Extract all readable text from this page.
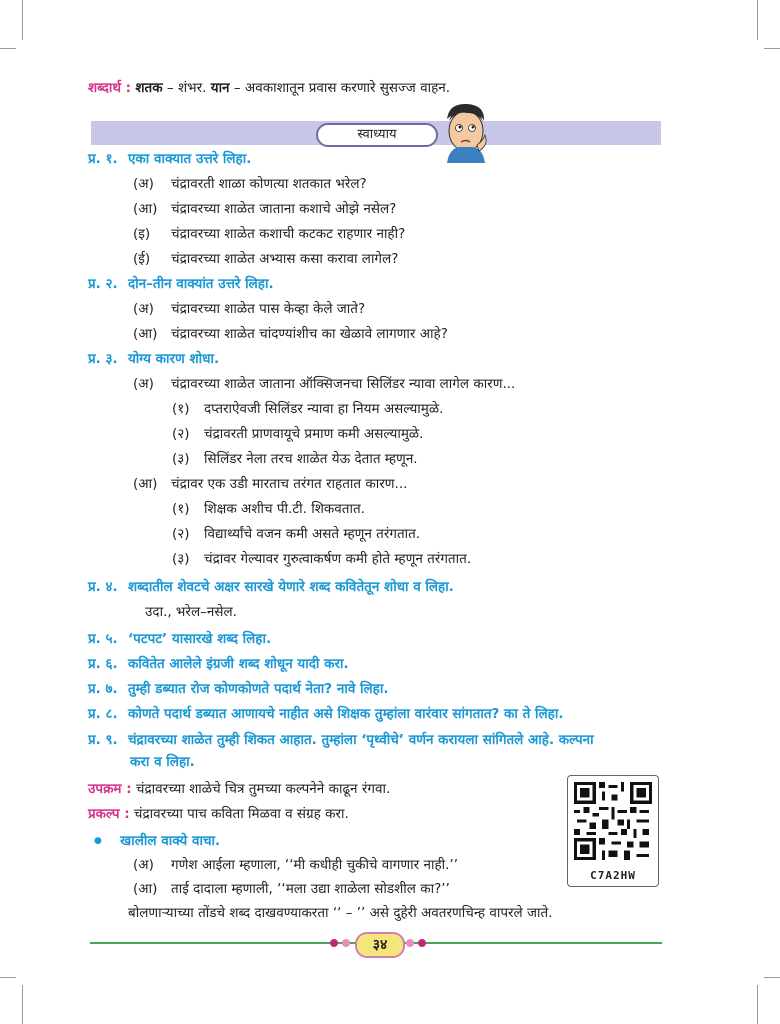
शब्दार्थ : शतक – शंभर. यान – अवकाशातून प्रवास करणारे सुसज्ज वाहन.
स्वाध्याय
प्र. १. एका वाक्यात उत्तरे लिहा.
(अ) चंद्रावरती शाळा कोणत्या शतकात भरेल?
(आ) चंद्रावरच्या शाळेत जाताना कशाचे ओझे नसेल?
(इ) चंद्रावरच्या शाळेत कशाची कटकट राहणार नाही?
(ई) चंद्रावरच्या शाळेत अभ्यास कसा करावा लागेल?
प्र. २. दोन–तीन वाक्यांत उत्तरे लिहा.
(अ) चंद्रावरच्या शाळेत पास केव्हा केले जाते?
(आ) चंद्रावरच्या शाळेत चांदण्यांशीच का खेळावे लागणार आहे?
प्र. ३. योग्य कारण शोधा.
(अ) चंद्रावरच्या शाळेत जाताना ऑक्सिजनचा सिलिंडर न्यावा लागेल कारण...
(१) दप्तराऐवजी सिलिंडर न्यावा हा नियम असल्यामुळे.
(२) चंद्रावरती प्राणवायूचे प्रमाण कमी असल्यामुळे.
(३) सिलिंडर नेला तरच शाळेत येऊ देतात म्हणून.
(आ) चंद्रावर एक उडी मारताच तरंगत राहतात कारण...
(१) शिक्षक अशीच पी.टी. शिकवतात.
(२) विद्यार्थ्यांचे वजन कमी असते म्हणून तरंगतात.
(३) चंद्रावर गेल्यावर गुरुत्वाकर्षण कमी होते म्हणून तरंगतात.
प्र. ४. शब्दातील शेवटचे अक्षर सारखे येणारे शब्द कवितेतून शोधा व लिहा.
उदा., भरेल–नसेल.
प्र. ५. ‘पटपट’ यासारखे शब्द लिहा.
प्र. ६. कवितेत आलेले इंग्रजी शब्द शोधून यादी करा.
प्र. ७. तुम्ही डब्यात रोज कोणकोणते पदार्थ नेता? नावे लिहा.
प्र. ८. कोणते पदार्थ डब्यात आणायचे नाहीत असे शिक्षक तुम्हांला वारंवार सांगतात? का ते लिहा.
प्र. ९. चंद्रावरच्या शाळेत तुम्ही शिकत आहात. तुम्हांला ‘पृथ्वीचे’ वर्णन करायला सांगितले आहे. कल्पना
करा व लिहा.
उपक्रम : चंद्रावरच्या शाळेचे चित्र तुमच्या कल्पनेने काढून रंगवा.
प्रकल्प : चंद्रावरच्या पाच कविता मिळवा व संग्रह करा.
● खालील वाक्ये वाचा.
(अ) गणेश आईला म्हणाला, ‘‘मी कधीही चुकीचे वागणार नाही.’’
(आ) ताई दादाला म्हणाली, ‘‘मला उद्या शाळेला सोडशील का?’’
बोलणाऱ्याच्या तोंडचे शब्द दाखवण्याकरता ‘‘ – ’’ असे दुहेरी अवतरणचिन्ह वापरले जाते.
C7A2HW
३४
